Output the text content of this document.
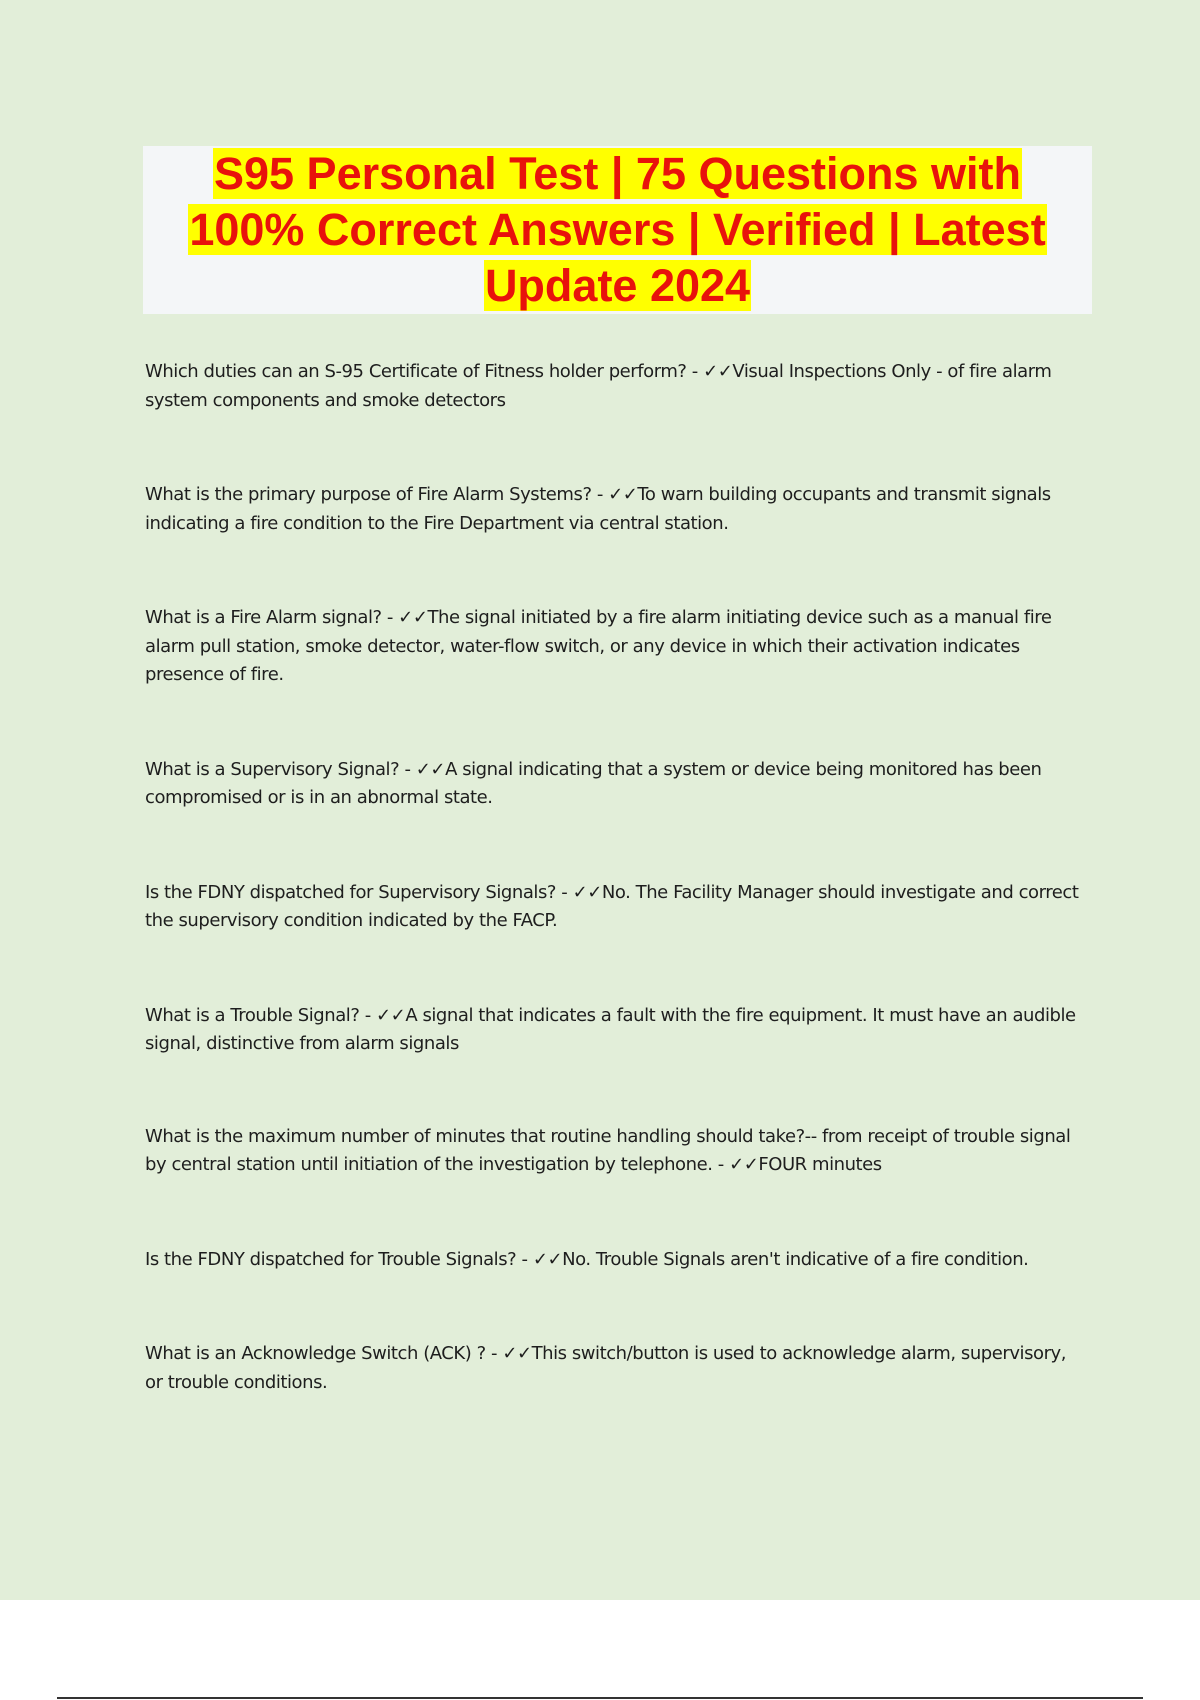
S95 Personal Test | 75 Questions with
100% Correct Answers | Verified | Latest
Update 2024

Which duties can an S-95 Certificate of Fitness holder perform? - ✓✓Visual Inspections Only - of fire alarm system components and smoke detectors

What is the primary purpose of Fire Alarm Systems? - ✓✓To warn building occupants and transmit signals indicating a fire condition to the Fire Department via central station.

What is a Fire Alarm signal? - ✓✓The signal initiated by a fire alarm initiating device such as a manual fire alarm pull station, smoke detector, water-flow switch, or any device in which their activation indicates presence of fire.

What is a Supervisory Signal? - ✓✓A signal indicating that a system or device being monitored has been compromised or is in an abnormal state.

Is the FDNY dispatched for Supervisory Signals? - ✓✓No. The Facility Manager should investigate and correct the supervisory condition indicated by the FACP.

What is a Trouble Signal? - ✓✓A signal that indicates a fault with the fire equipment. It must have an audible signal, distinctive from alarm signals

What is the maximum number of minutes that routine handling should take?-- from receipt of trouble signal by central station until initiation of the investigation by telephone. - ✓✓FOUR minutes

Is the FDNY dispatched for Trouble Signals? - ✓✓No. Trouble Signals aren't indicative of a fire condition.

What is an Acknowledge Switch (ACK) ? - ✓✓This switch/button is used to acknowledge alarm, supervisory, or trouble conditions.
